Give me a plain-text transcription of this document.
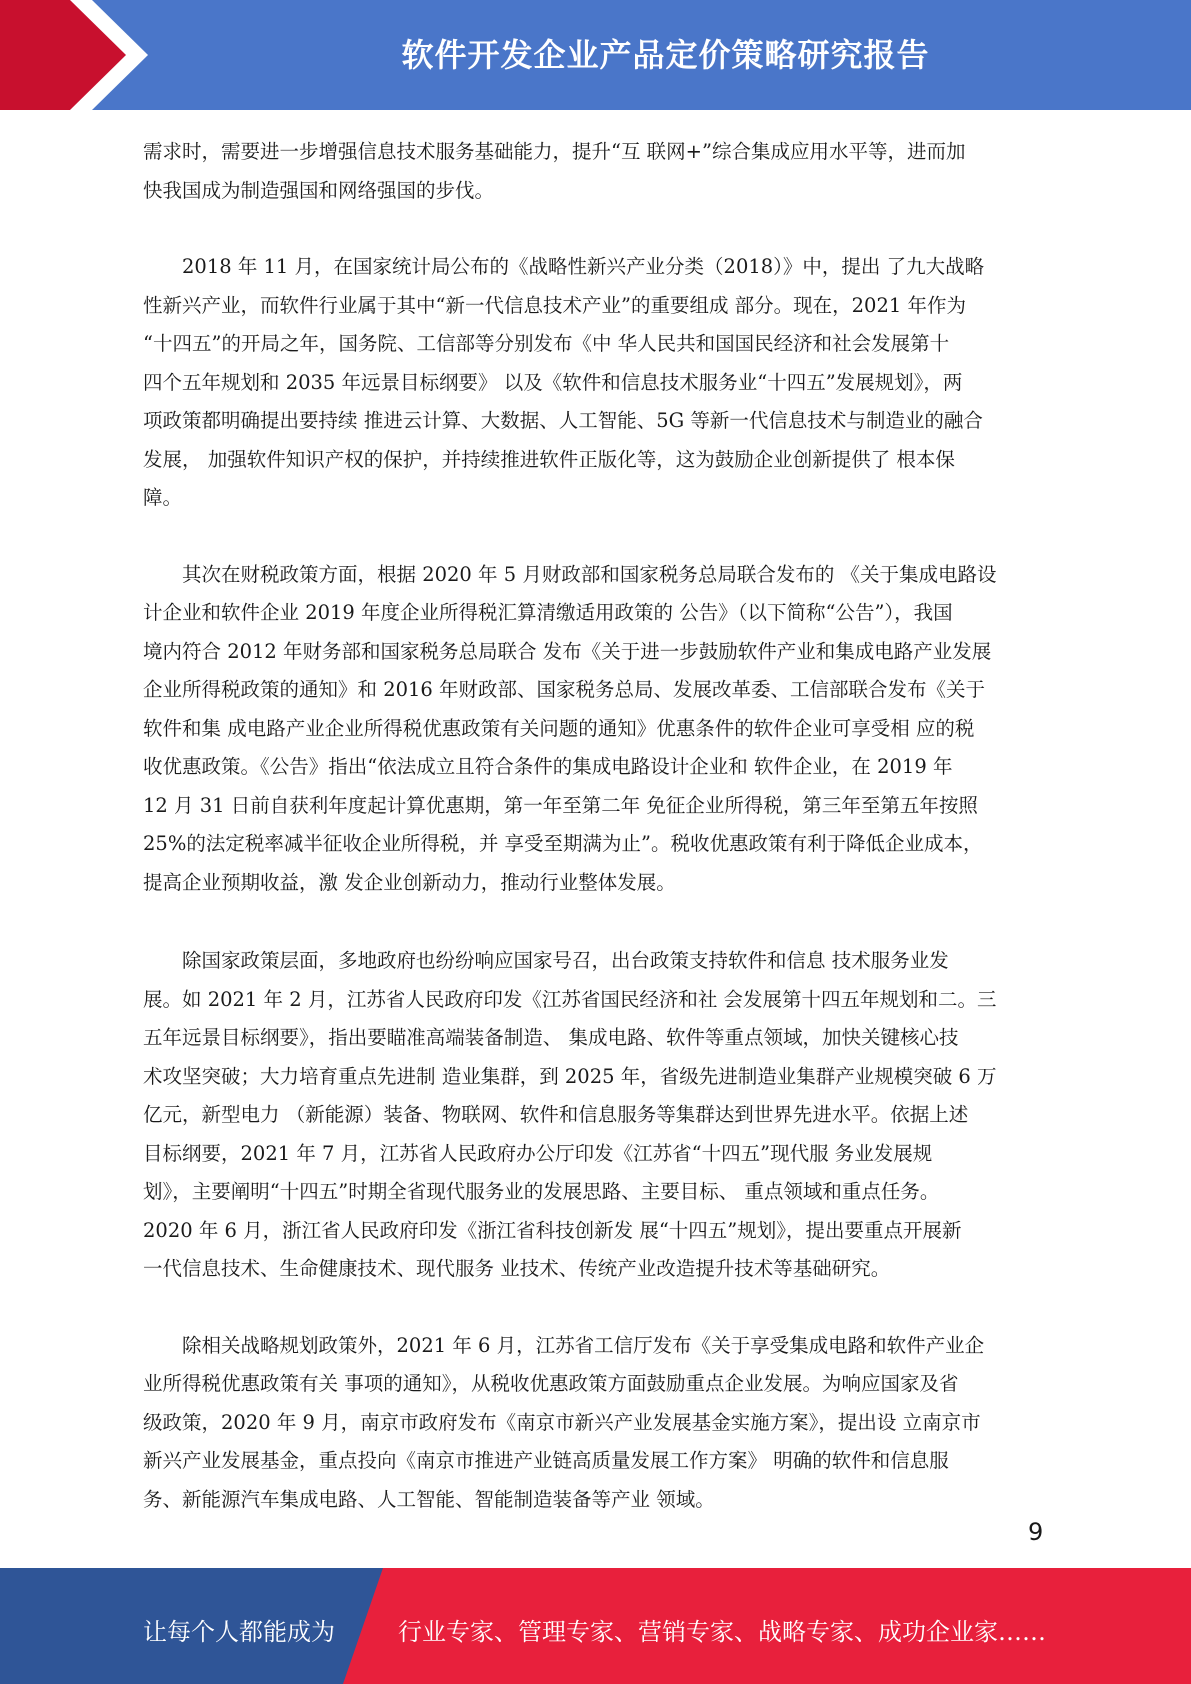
软件开发企业产品定价策略研究报告

需求时，需要进一步增强信息技术服务基础能力，提升“互 联网+”综合集成应用水平等，进而加
快我国成为制造强国和网络强国的步伐。

　　2018 年 11 月，在国家统计局公布的《战略性新兴产业分类（2018）》中，提出 了九大战略
性新兴产业，而软件行业属于其中“新一代信息技术产业”的重要组成 部分。现在，2021 年作为
“十四五”的开局之年，国务院、工信部等分别发布《中 华人民共和国国民经济和社会发展第十
四个五年规划和 2035 年远景目标纲要》 以及《软件和信息技术服务业“十四五”发展规划》，两
项政策都明确提出要持续 推进云计算、大数据、人工智能、5G 等新一代信息技术与制造业的融合
发展， 加强软件知识产权的保护，并持续推进软件正版化等，这为鼓励企业创新提供了 根本保
障。

　　其次在财税政策方面，根据 2020 年 5 月财政部和国家税务总局联合发布的 《关于集成电路设
计企业和软件企业 2019 年度企业所得税汇算清缴适用政策的 公告》（以下简称“公告”），我国
境内符合 2012 年财务部和国家税务总局联合 发布《关于进一步鼓励软件产业和集成电路产业发展
企业所得税政策的通知》和 2016 年财政部、国家税务总局、发展改革委、工信部联合发布《关于
软件和集 成电路产业企业所得税优惠政策有关问题的通知》优惠条件的软件企业可享受相 应的税
收优惠政策。《公告》指出“依法成立且符合条件的集成电路设计企业和 软件企业，在 2019 年
12 月 31 日前自获利年度起计算优惠期，第一年至第二年 免征企业所得税，第三年至第五年按照
25%的法定税率减半征收企业所得税，并 享受至期满为止”。税收优惠政策有利于降低企业成本，
提高企业预期收益，激 发企业创新动力，推动行业整体发展。

　　除国家政策层面，多地政府也纷纷响应国家号召，出台政策支持软件和信息 技术服务业发
展。如 2021 年 2 月，江苏省人民政府印发《江苏省国民经济和社 会发展第十四五年规划和二。三
五年远景目标纲要》，指出要瞄准高端装备制造、 集成电路、软件等重点领域，加快关键核心技
术攻坚突破；大力培育重点先进制 造业集群，到 2025 年，省级先进制造业集群产业规模突破 6 万
亿元，新型电力 （新能源）装备、物联网、软件和信息服务等集群达到世界先进水平。依据上述
目标纲要，2021 年 7 月，江苏省人民政府办公厅印发《江苏省“十四五”现代服 务业发展规
划》，主要阐明“十四五”时期全省现代服务业的发展思路、主要目标、 重点领域和重点任务。
2020 年 6 月，浙江省人民政府印发《浙江省科技创新发 展“十四五”规划》，提出要重点开展新
一代信息技术、生命健康技术、现代服务 业技术、传统产业改造提升技术等基础研究。

　　除相关战略规划政策外，2021 年 6 月，江苏省工信厅发布《关于享受集成电路和软件产业企
业所得税优惠政策有关 事项的通知》，从税收优惠政策方面鼓励重点企业发展。为响应国家及省
级政策，2020 年 9 月，南京市政府发布《南京市新兴产业发展基金实施方案》，提出设 立南京市
新兴产业发展基金，重点投向《南京市推进产业链高质量发展工作方案》 明确的软件和信息服
务、新能源汽车集成电路、人工智能、智能制造装备等产业 领域。

9
让每个人都能成为	行业专家、管理专家、营销专家、战略专家、成功企业家……
